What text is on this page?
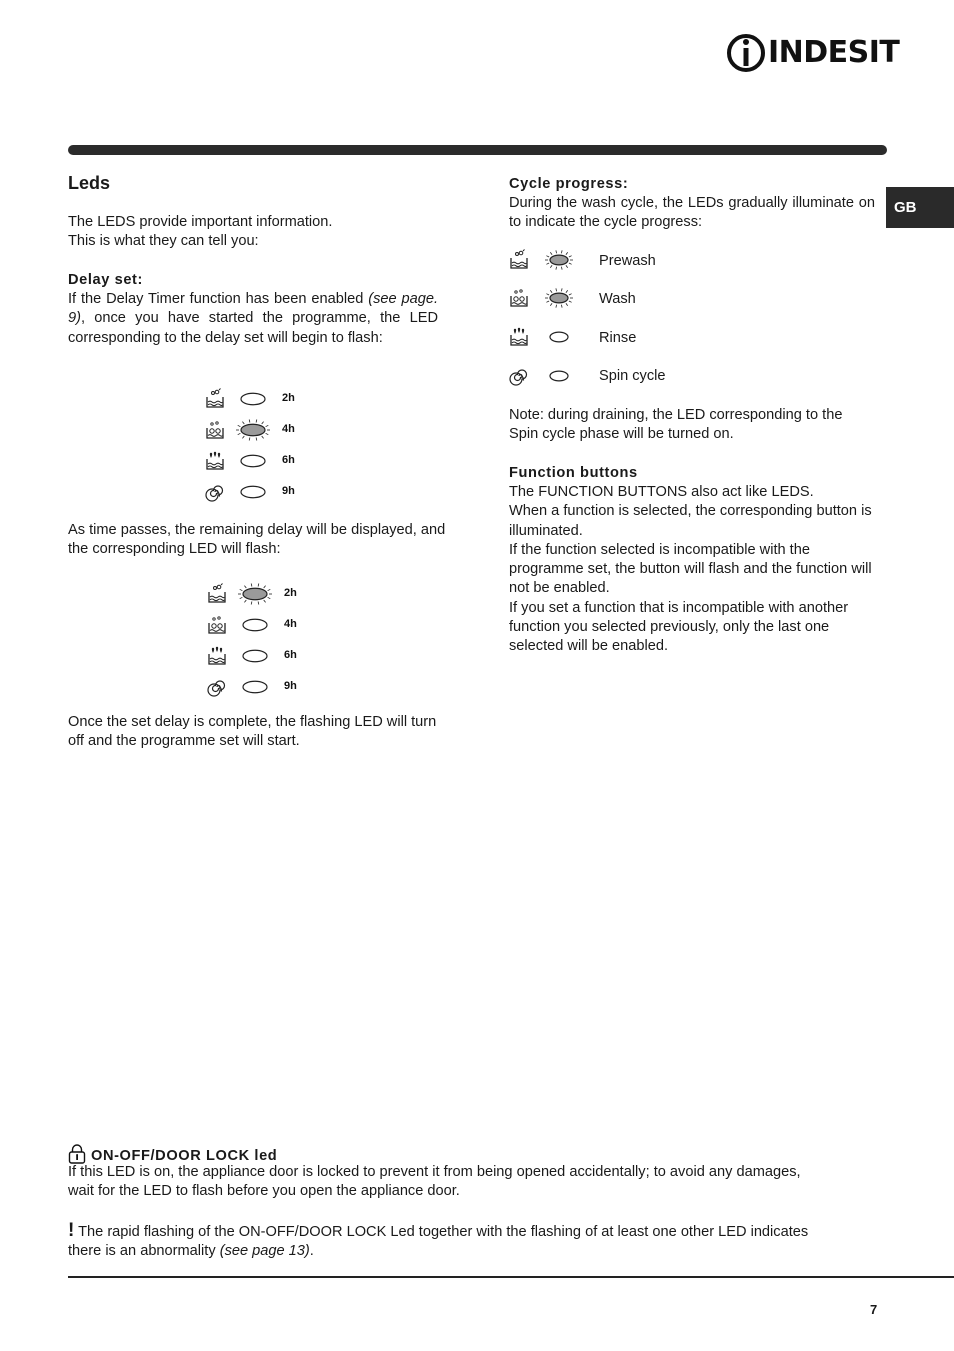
INDESIT
GB
Leds

The LEDS provide important information.

This is what they can tell you:

Delay set:
If the Delay Timer function has been enabled (see page. 9), once you have started the programme, the LED corresponding to the delay set will begin to flash:
2h
4h
6h
9h
As time passes, the remaining delay will be displayed, and the corresponding LED will flash:
2h
4h
6h
9h
Once the set delay is complete, the flashing LED will turn off and the programme set will start.
Cycle progress:
During the wash cycle, the LEDs gradually illuminate on to indicate the cycle progress:
Prewash
Wash
Rinse
Spin cycle
Note: during draining, the LED corresponding to the Spin cycle phase will be turned on.
Function buttons

The FUNCTION BUTTONS also act like LEDS.

When a function is selected, the corresponding button is illuminated.

If the function selected is incompatible with the programme set, the button will flash and the function will not be enabled.

If you set a function that is incompatible with another function you selected previously, only the last one selected will be enabled.

ON-OFF/DOOR LOCK led
If this LED is on, the appliance door is locked to prevent it from being opened accidentally; to avoid any damages, wait for the LED to flash before you open the appliance door.
! The rapid flashing of the ON-OFF/DOOR LOCK Led together with the flashing of at least one other LED indicates there is an abnormality (see page 13).
7
